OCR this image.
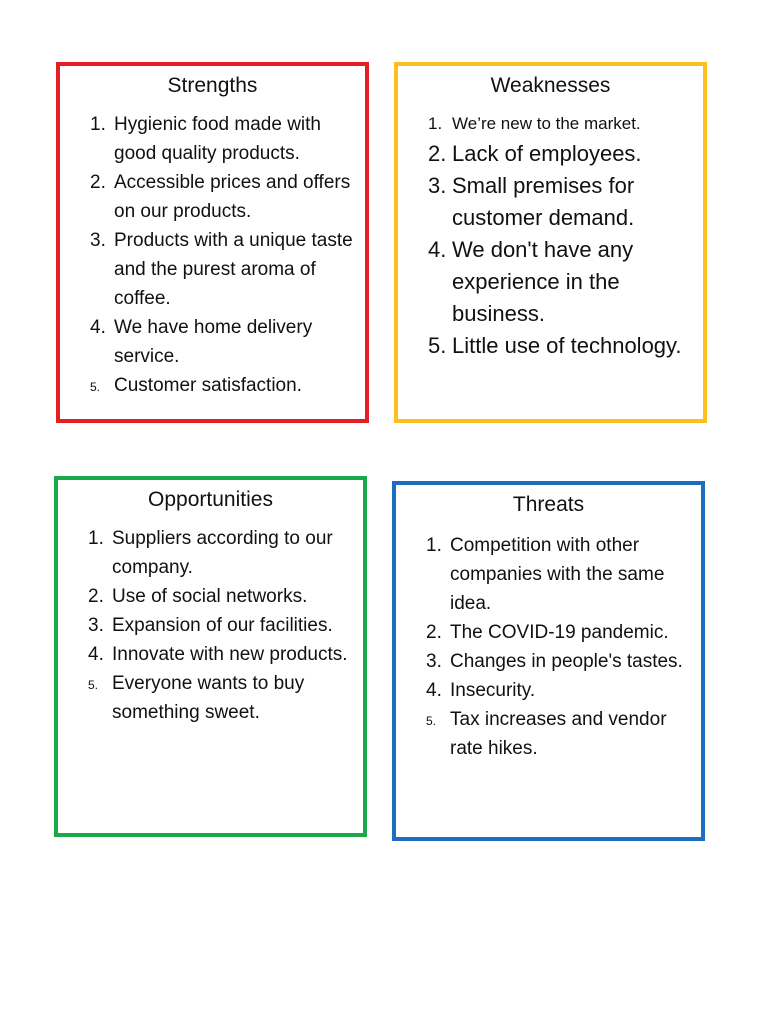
Strengths
1. Hygienic food made with good quality products.
2. Accessible prices and offers on our products.
3. Products with a unique taste and the purest aroma of coffee.
4. We have home delivery service.
5. Customer satisfaction.
Weaknesses
1. We’re new to the market.
2. Lack of employees.
3. Small premises for customer demand.
4. We don't have any experience in the business.
5. Little use of technology.
Opportunities
1. Suppliers according to our company.
2. Use of social networks.
3. Expansion of our facilities.
4. Innovate with new products.
5. Everyone wants to buy something sweet.
Threats
1. Competition with other companies with the same idea.
2. The COVID-19 pandemic.
3. Changes in people's tastes.
4. Insecurity.
5. Tax increases and vendor rate hikes.
